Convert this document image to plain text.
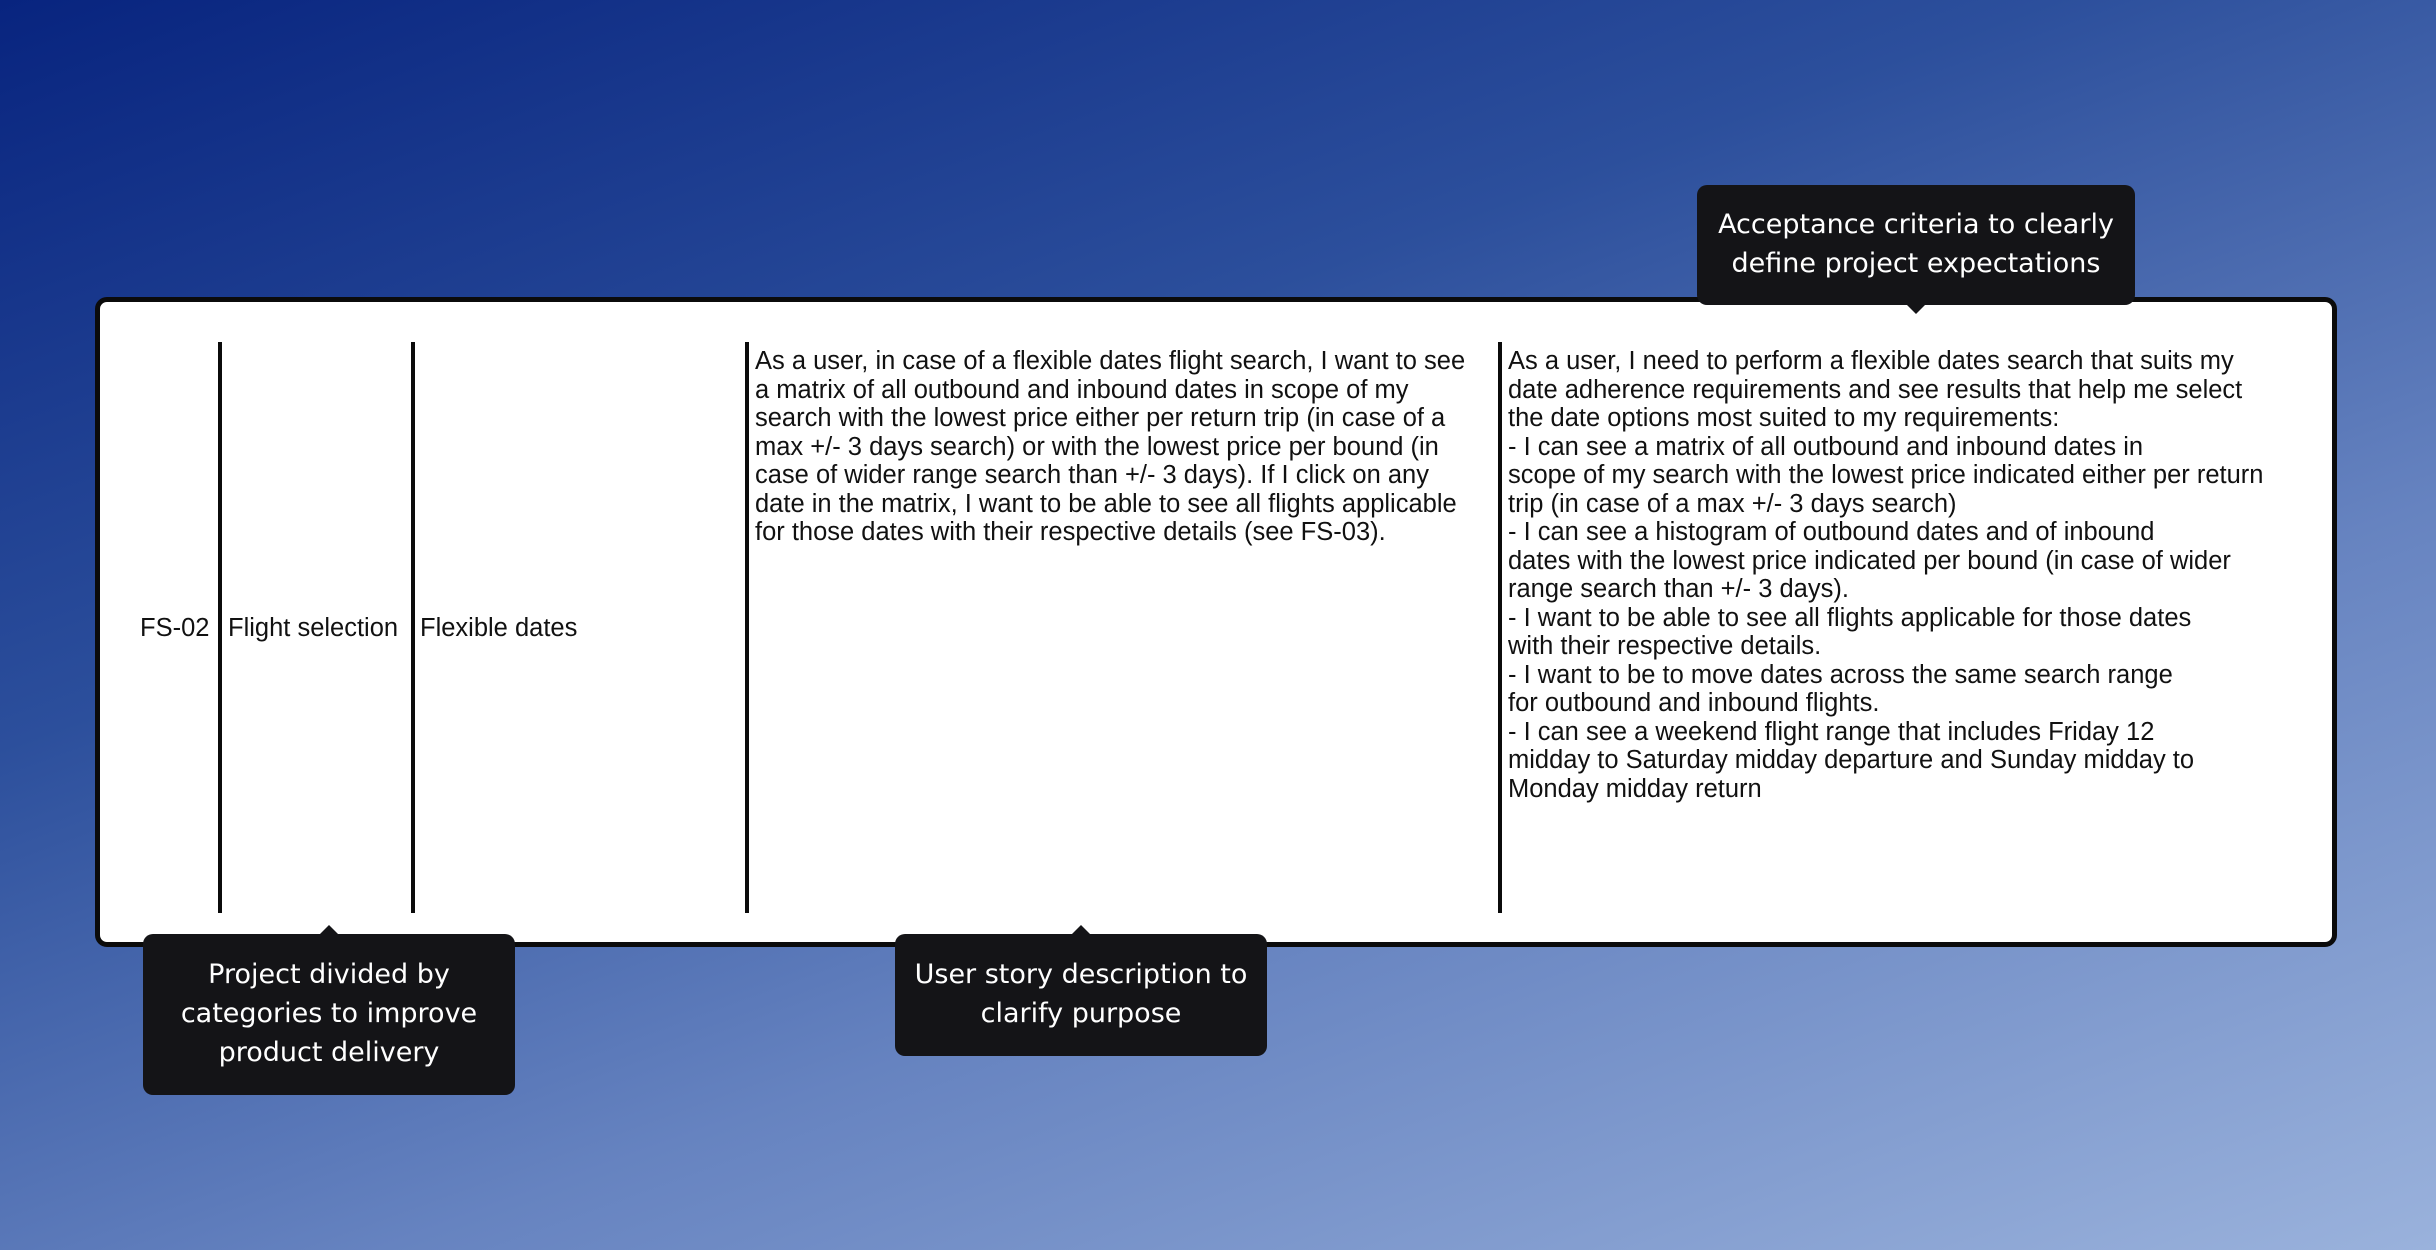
FS-02 Flight selection Flexible dates
As a user, in case of a flexible dates flight search, I want to see
a matrix of all outbound and inbound dates in scope of my
search with the lowest price either per return trip (in case of a
max +/- 3 days search) or with the lowest price per bound (in
case of wider range search than +/- 3 days). If I click on any
date in the matrix, I want to be able to see all flights applicable
for those dates with their respective details (see FS-03).
As a user, I need to perform a flexible dates search that suits my
date adherence requirements and see results that help me select
the date options most suited to my requirements:
- I can see a matrix of all outbound and inbound dates in
scope of my search with the lowest price indicated either per return
trip (in case of a max +/- 3 days search)
- I can see a histogram of outbound dates and of inbound
dates with the lowest price indicated per bound (in case of wider
range search than +/- 3 days).
- I want to be able to see all flights applicable for those dates
with their respective details.
- I want to be to move dates across the same search range
for outbound and inbound flights.
- I can see a weekend flight range that includes Friday 12
midday to Saturday midday departure and Sunday midday to
Monday midday return
Acceptance criteria to clearly
define project expectations
Project divided by
categories to improve
product delivery
User story description to
clarify purpose
